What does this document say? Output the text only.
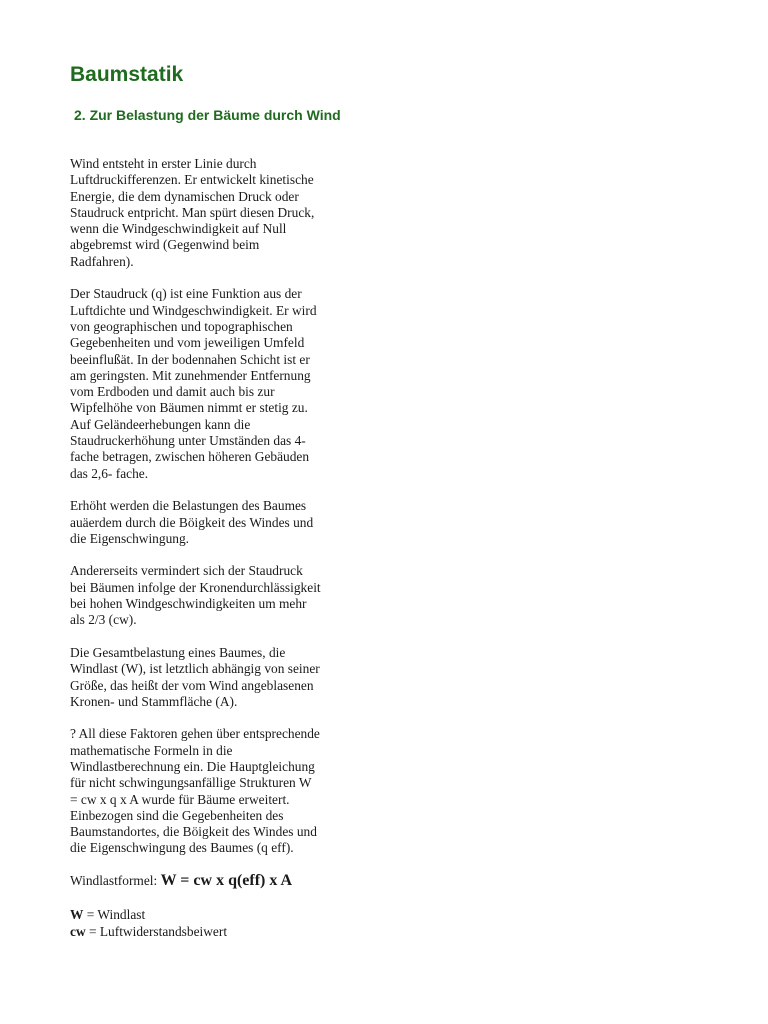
Baumstatik
2. Zur Belastung der Bäume durch Wind

Wind entsteht in erster Linie durch
Luftdruckifferenzen. Er entwickelt kinetische
Energie, die dem dynamischen Druck oder
Staudruck entpricht. Man spürt diesen Druck,
wenn die Windgeschwindigkeit auf Null
abgebremst wird (Gegenwind beim
Radfahren).

Der Staudruck (q) ist eine Funktion aus der
Luftdichte und Windgeschwindigkeit. Er wird
von geographischen und topographischen
Gegebenheiten und vom jeweiligen Umfeld
beeinflußät. In der bodennahen Schicht ist er
am geringsten. Mit zunehmender Entfernung
vom Erdboden und damit auch bis zur
Wipfelhöhe von Bäumen nimmt er stetig zu.
Auf Geländeerhebungen kann die
Staudruckerhöhung unter Umständen das 4-
fache betragen, zwischen höheren Gebäuden
das 2,6- fache.

Erhöht werden die Belastungen des Baumes
auäerdem durch die Böigkeit des Windes und
die Eigenschwingung.

Andererseits vermindert sich der Staudruck
bei Bäumen infolge der Kronendurchlässigkeit
bei hohen Windgeschwindigkeiten um mehr
als 2/3 (cw).

Die Gesamtbelastung eines Baumes, die
Windlast (W), ist letztlich abhängig von seiner
Größe, das heißt der vom Wind angeblasenen
Kronen- und Stammfläche (A).

? All diese Faktoren gehen über entsprechende
mathematische Formeln in die
Windlastberechnung ein. Die Hauptgleichung
für nicht schwingungsanfällige Strukturen W
= cw x q x A wurde für Bäume erweitert.
Einbezogen sind die Gegebenheiten des
Baumstandortes, die Böigkeit des Windes und
die Eigenschwingung des Baumes (q eff).

Windlastformel: W = cw x q(eff) x A
W = Windlast
cw = Luftwiderstandsbeiwert
